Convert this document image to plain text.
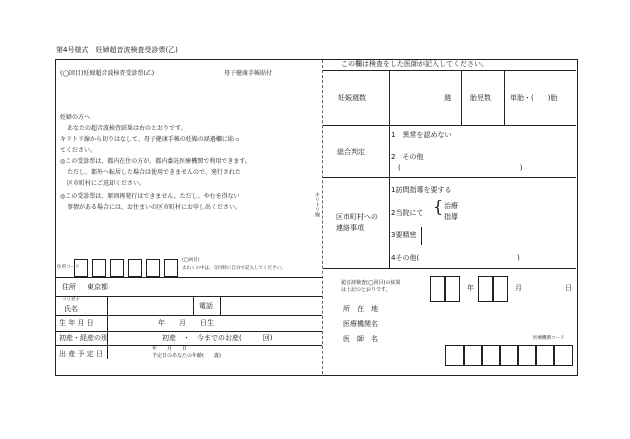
第4号様式　妊婦超音波検査受診票(乙)
キリトリ線
(◯回目)妊婦超音波検査受診票(乙)	母子健康手帳貼付
妊婦の方へ
あなたの超音波検査結果は右のとおりです。
キリトリ線から切りはなして、母子健康手帳の妊娠の経過欄に貼っ
てください。
◎この受診票は、都内在住の方が、都内委託医療機関で利用できます。
ただし、都外へ転居した場合は使用できませんので、発行された
区市町村にご返却ください。
◎この受診票は、原則再発行はできません。ただし、やむを得ない
事情がある場合には、お住まいの区市町村にお申し出ください。
住所コード
(◯回目)
太わくの中は、交付時に自分で記入してください。
住所 東京都
フリガナ
氏名	電話
生 年 月 日	年　　月　　日生
初産・経産の別	初産　・　今までのお産(　　　回)
出 産 予 定 日
年　　月　　日
予定日のあなたの年齢(　　歳)
この欄は検査をした医師が記入してください。
妊娠週数	週	胎児数	単胎・(　　)胎
総合判定
1　異常を認めない
2　その他
(　　　　　　　　　　　　　　　　　)
区市町村への
連絡事項
1訪問指導を要する
2当院にて { 治療
指導
3要精密
4その他(　　　　　　　　　　　　　　)
超音波検査(◯回目)の結果
は上記のとおりです。	年	月	日
所　在　地
医療機関名
医　師　名	医療機関コード
